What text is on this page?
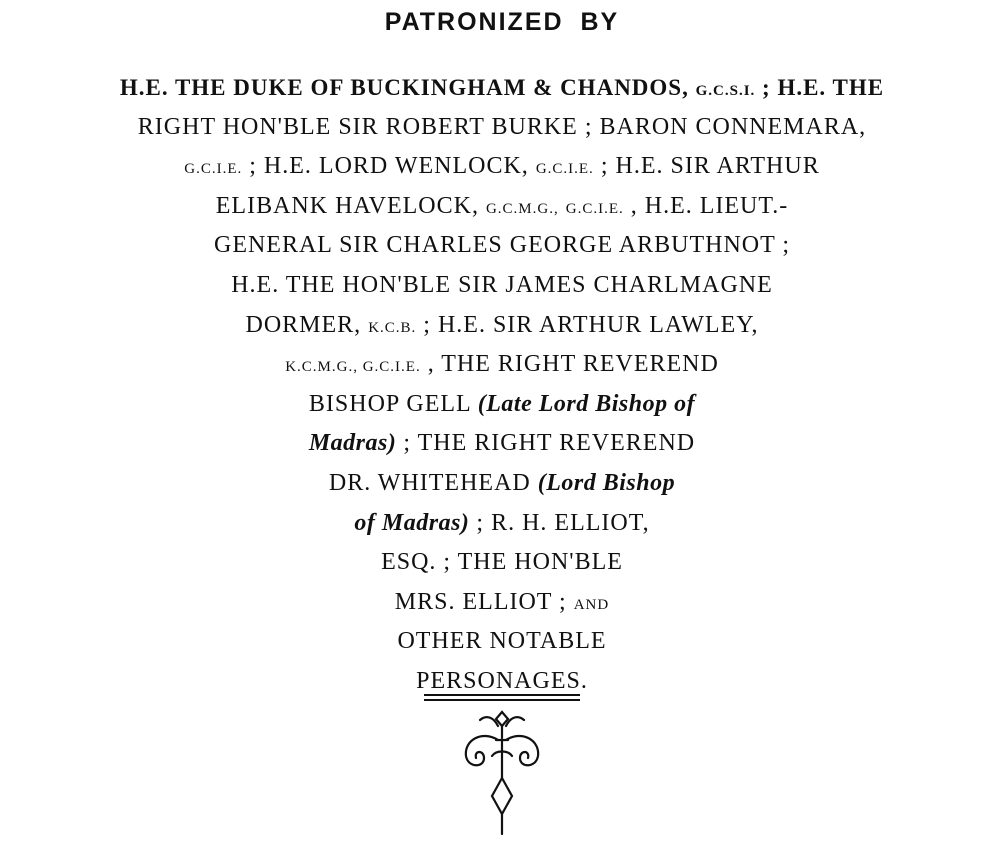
PATRONIZED BY
H.E. THE DUKE OF BUCKINGHAM & CHANDOS, G.C.S.I. ; H.E. THE
RIGHT HON'BLE SIR ROBERT BURKE ; BARON CONNEMARA,
G.C.I.E. ; H.E. LORD WENLOCK, G.C.I.E. ; H.E. SIR ARTHUR
ELIBANK HAVELOCK, G.C.M.G., G.C.I.E. , H.E. LIEUT.-
GENERAL SIR CHARLES GEORGE ARBUTHNOT ;
H.E. THE HON'BLE SIR JAMES CHARLMAGNE
DORMER, K.C.B. ; H.E. SIR ARTHUR LAWLEY,
K.C.M.G., G.C.I.E. , THE RIGHT REVEREND
BISHOP GELL (Late Lord Bishop of
Madras) ; THE RIGHT REVEREND
DR. WHITEHEAD (Lord Bishop
of Madras) ; R. H. ELLIOT,
ESQ. ; THE HON'BLE
MRS. ELLIOT ; AND
OTHER NOTABLE
PERSONAGES.
